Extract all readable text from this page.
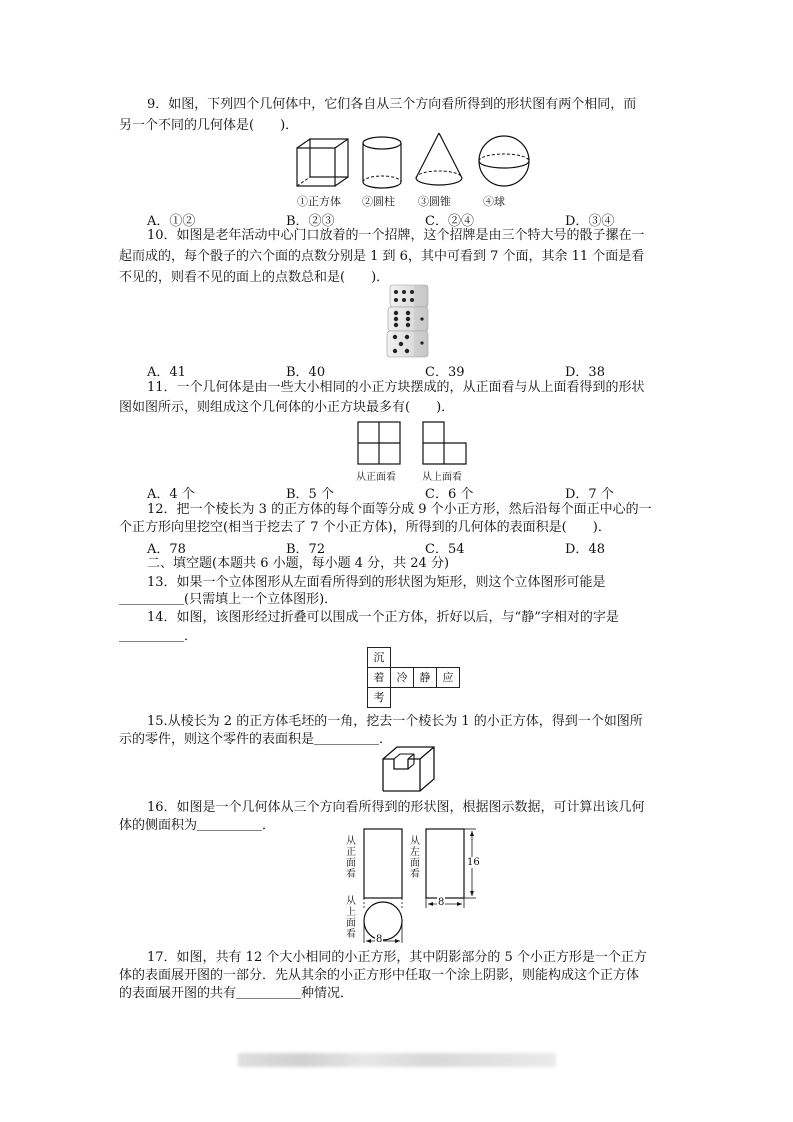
9．如图，下列四个几何体中，它们各自从三个方向看所得到的形状图有两个相同，而
另一个不同的几何体是(　　)．
①正方体 ②圆柱 ③圆锥	④球
A．①②	B．②③	C．②④	D．③④
10．如图是老年活动中心门口放着的一个招牌，这个招牌是由三个特大号的骰子摞在一
起而成的，每个骰子的六个面的点数分别是 1 到 6，其中可看到 7 个面，其余 11 个面是看
不见的，则看不见的面上的点数总和是(　　)．
A．41	B．40	C．39	D．38
11．一个几何体是由一些大小相同的小正方块摆成的，从正面看与从上面看得到的形状
图如图所示，则组成这个几何体的小正方块最多有(　　)．
从正面看	从上面看
A．4 个	B．5 个	C．6 个	D．7 个
12．把一个棱长为 3 的正方体的每个面等分成 9 个小正方形，然后沿每个面正中心的一
个正方形向里挖空(相当于挖去了 7 个小正方体)，所得到的几何体的表面积是(　　)．
A．78	B．72	C．54	D．48
二、填空题(本题共 6 小题，每小题 4 分，共 24 分)
13．如果一个立体图形从左面看所得到的形状图为矩形，则这个立体图形可能是
＿＿＿＿＿(只需填上一个立体图形)．
14．如图，该图形经过折叠可以围成一个正方体，折好以后，与“静”字相对的字是
＿＿＿＿＿．
沉
着	冷	静	应
考
15.从棱长为 2 的正方体毛坯的一角，挖去一个棱长为 1 的小正方体，得到一个如图所
示的零件，则这个零件的表面积是＿＿＿＿＿．
16．如图是一个几何体从三个方向看所得到的形状图，根据图示数据，可计算出该几何
体的侧面积为＿＿＿＿＿．
从正面看
从左面看
从上面看
16
8
8
17．如图，共有 12 个大小相同的小正方形，其中阴影部分的 5 个小正方形是一个正方
体的表面展开图的一部分．先从其余的小正方形中任取一个涂上阴影，则能构成这个正方体
的表面展开图的共有＿＿＿＿＿种情况．
